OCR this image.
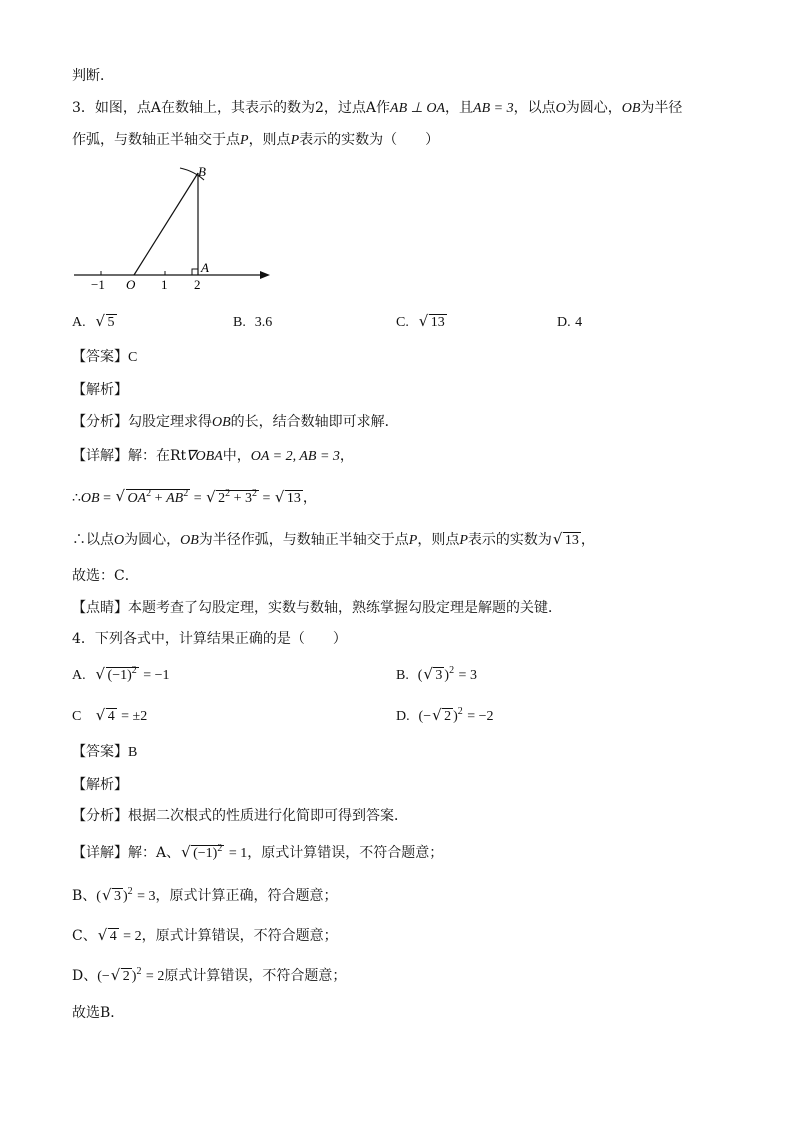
判断．
3．如图，点A在数轴上，其表示的数为2，过点A作AB ⊥ OA，且AB = 3，以点O为圆心，OB为半径
作弧，与数轴正半轴交于点P，则点P表示的实数为（　　）
B
A
O
−1	1 2
A. √ 5	B. 3.6	C. √ 13	D. 4
【答案】C
【解析】
【分析】勾股定理求得OB的长，结合数轴即可求解．
【详解】解：在Rt∇OBA中，OA = 2, AB = 3，
∴OB = √ $OA^2 + AB^2$ = √ $2^2 + 3^2$ = √ 13 ，
∴以点O为圆心，OB为半径作弧，与数轴正半轴交于点P，则点P表示的实数为 √ 13 ，
故选：C．
【点睛】本题考查了勾股定理，实数与数轴，熟练掌握勾股定理是解题的关键．
4．下列各式中，计算结果正确的是（　　）
A. √ $(-1)^2 = -1$	B. ( √ 3 )$^2$ = 3
C √ 4 = ±2	D. (− √ 2 )$^2$ = −2
【答案】B
【解析】
【分析】根据二次根式的性质进行化简即可得到答案．
【详解】解：A、 √ $(-1)^2 = 1$，原式计算错误，不符合题意；
B、( √ 3 )$^2$ = 3，原式计算正确，符合题意；
C、 √ 4 = 2，原式计算错误，不符合题意；
D、(− √ 2 )$^2$ = 2原式计算错误，不符合题意；
故选B．
